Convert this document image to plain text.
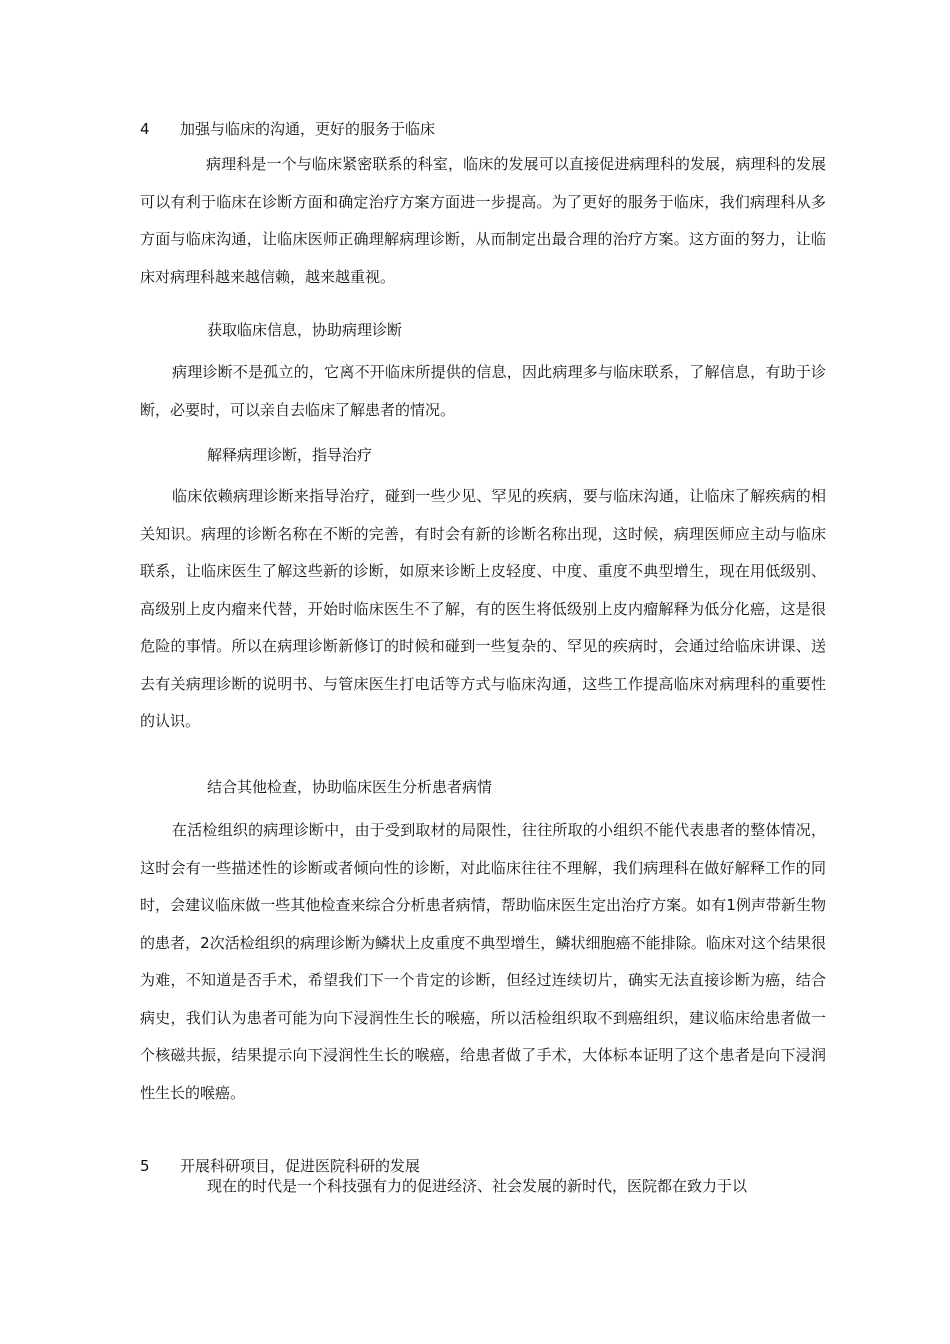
4 加强与临床的沟通，更好的服务于临床

病理科是一个与临床紧密联系的科室，临床的发展可以直接促进病理科的发展，病理科的发展可以有利于临床在诊断方面和确定治疗方案方面进一步提高。为了更好的服务于临床，我们病理科从多方面与临床沟通，让临床医师正确理解病理诊断，从而制定出最合理的治疗方案。这方面的努力，让临床对病理科越来越信赖，越来越重视。

获取临床信息，协助病理诊断

病理诊断不是孤立的，它离不开临床所提供的信息，因此病理多与临床联系，了解信息，有助于诊断，必要时，可以亲自去临床了解患者的情况。

解释病理诊断，指导治疗

临床依赖病理诊断来指导治疗，碰到一些少见、罕见的疾病，要与临床沟通，让临床了解疾病的相关知识。病理的诊断名称在不断的完善，有时会有新的诊断名称出现，这时候，病理医师应主动与临床联系，让临床医生了解这些新的诊断，如原来诊断上皮轻度、中度、重度不典型增生，现在用低级别、高级别上皮内瘤来代替，开始时临床医生不了解，有的医生将低级别上皮内瘤解释为低分化癌，这是很危险的事情。所以在病理诊断新修订的时候和碰到一些复杂的、罕见的疾病时，会通过给临床讲课、送去有关病理诊断的说明书、与管床医生打电话等方式与临床沟通，这些工作提高临床对病理科的重要性的认识。

结合其他检查，协助临床医生分析患者病情

在活检组织的病理诊断中，由于受到取材的局限性，往往所取的小组织不能代表患者的整体情况，这时会有一些描述性的诊断或者倾向性的诊断，对此临床往往不理解，我们病理科在做好解释工作的同时，会建议临床做一些其他检查来综合分析患者病情，帮助临床医生定出治疗方案。如有1例声带新生物的患者，2次活检组织的病理诊断为鳞状上皮重度不典型增生，鳞状细胞癌不能排除。临床对这个结果很为难，不知道是否手术，希望我们下一个肯定的诊断，但经过连续切片，确实无法直接诊断为癌，结合病史，我们认为患者可能为向下浸润性生长的喉癌，所以活检组织取不到癌组织，建议临床给患者做一个核磁共振，结果提示向下浸润性生长的喉癌，给患者做了手术，大体标本证明了这个患者是向下浸润性生长的喉癌。

5 开展科研项目，促进医院科研的发展
现在的时代是一个科技强有力的促进经济、社会发展的新时代，医院都在致力于以
